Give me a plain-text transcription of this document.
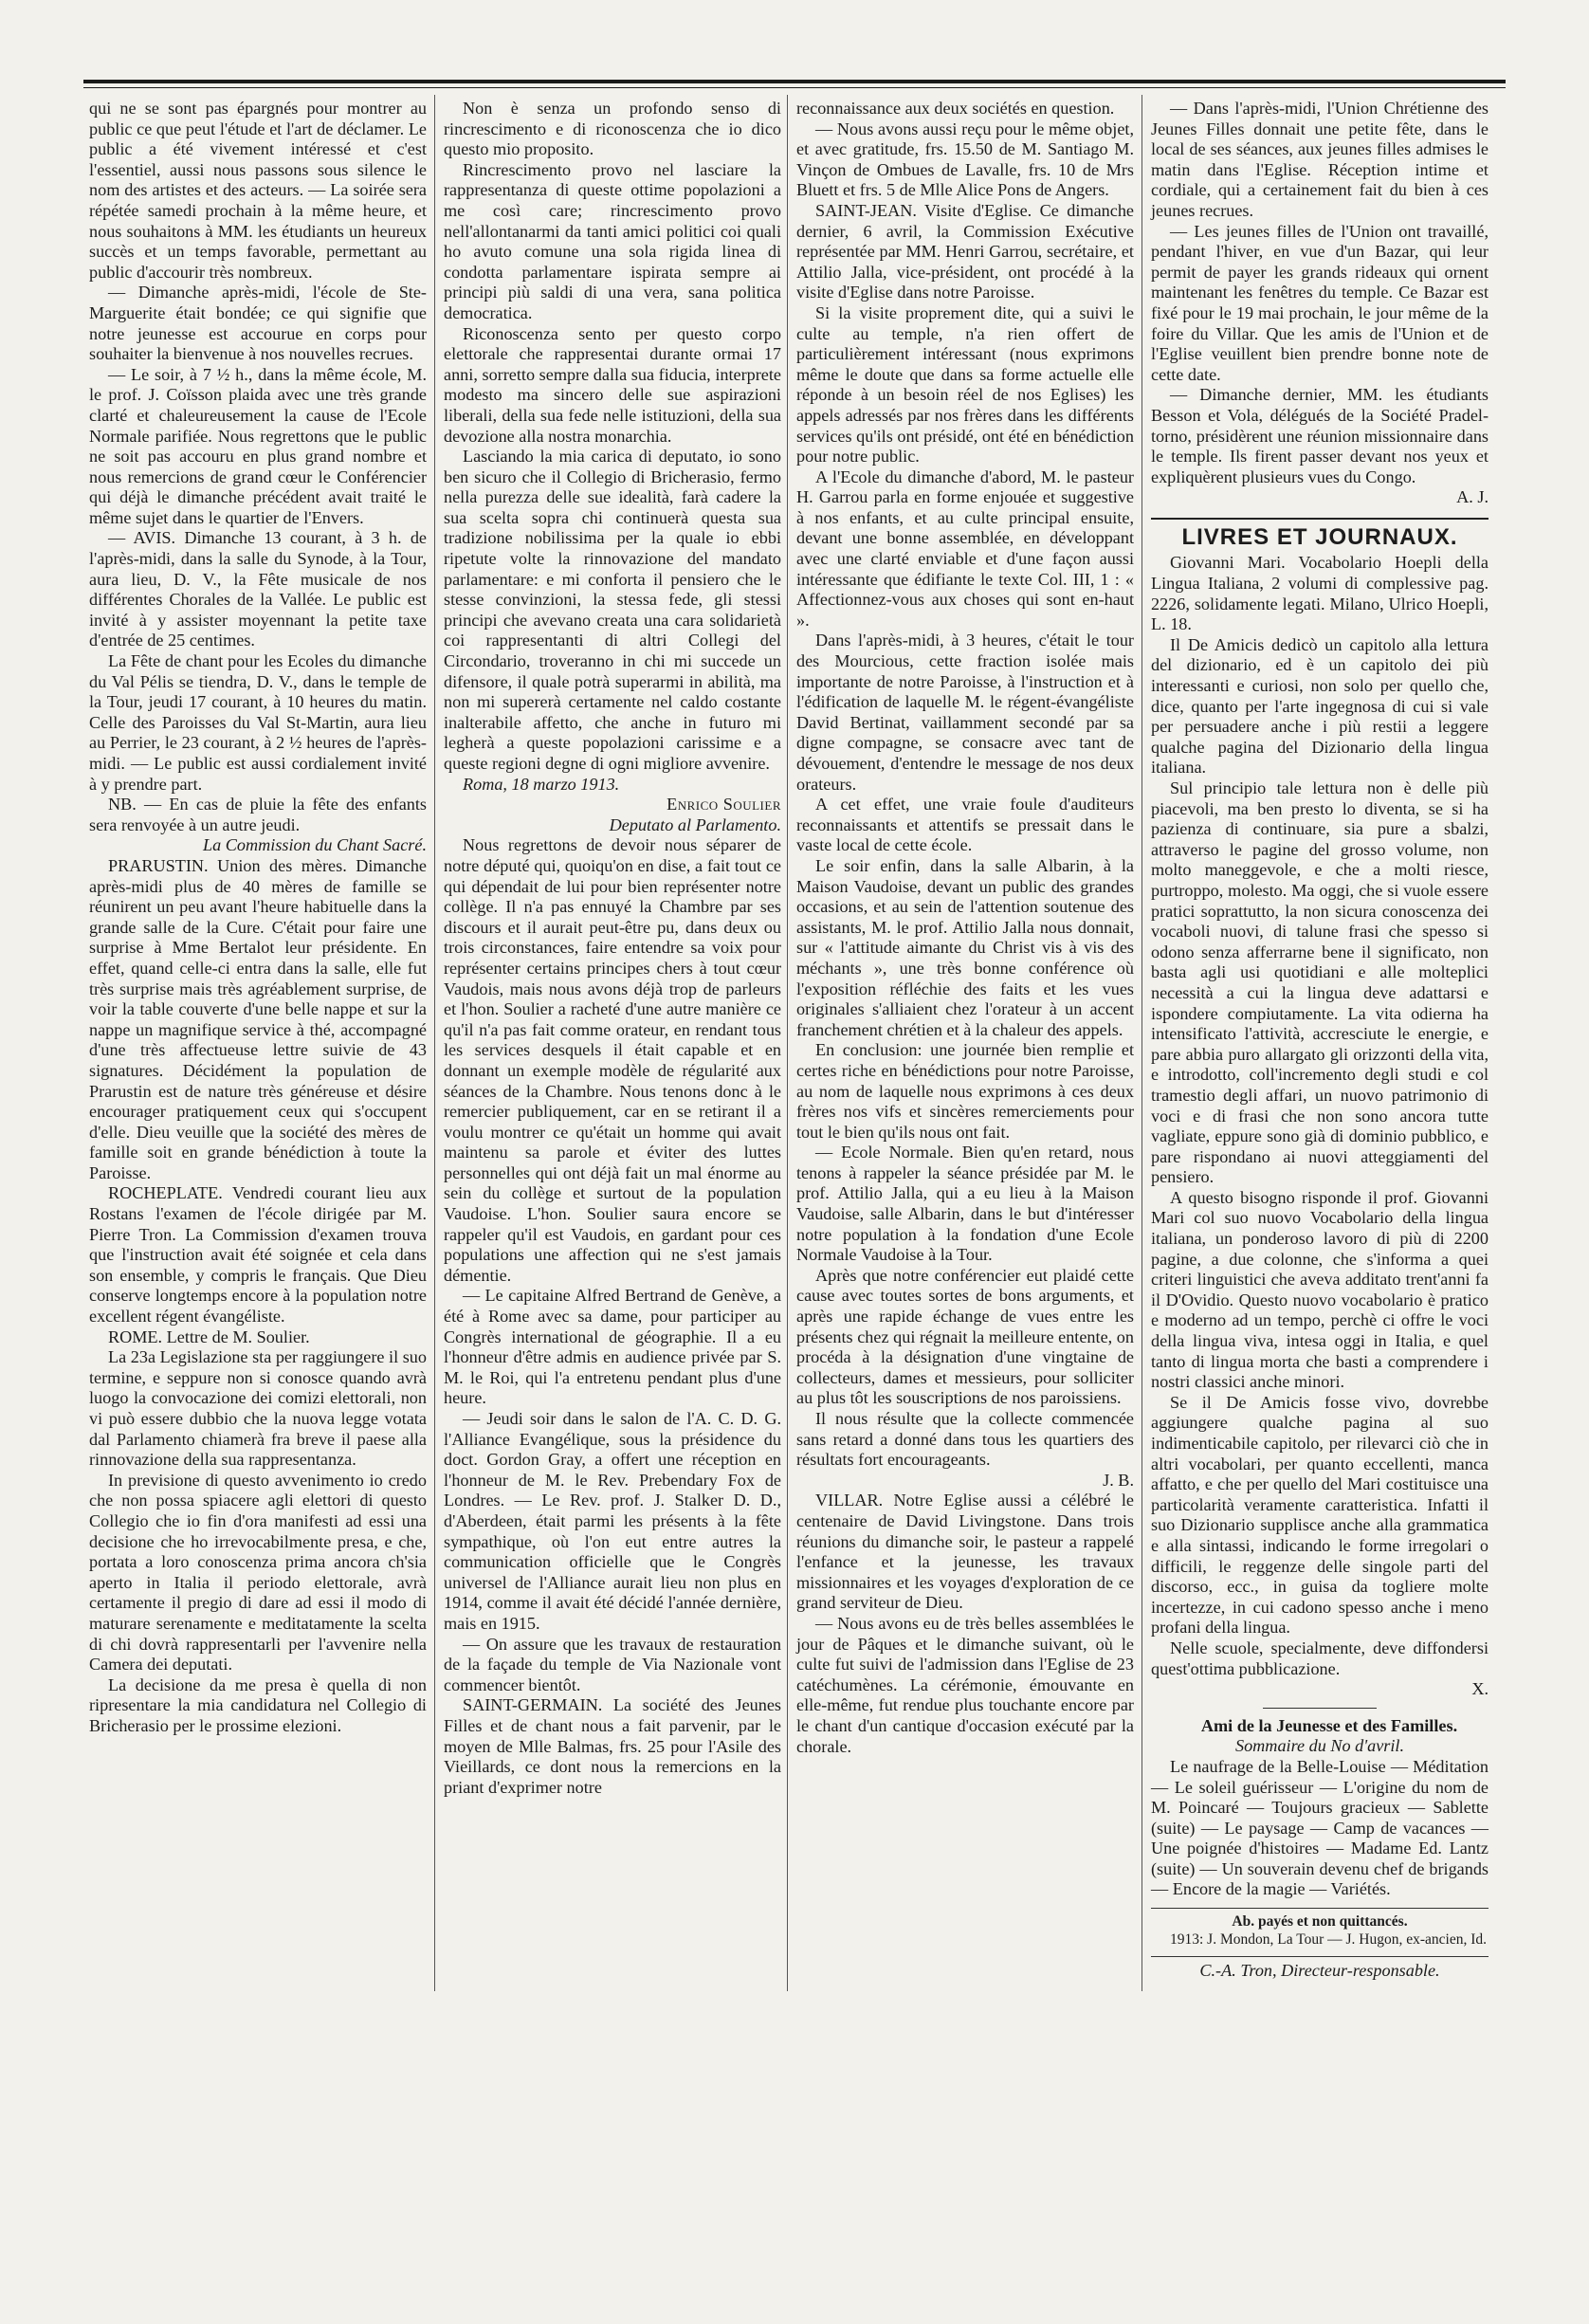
qui ne se sont pas épargnés pour montrer au public ce que peut l'étude et l'art de déclamer. Le public a été vivement intéressé et c'est l'essentiel, aussi nous passons sous silence le nom des artistes et des acteurs. — La soirée sera répétée samedi prochain à la même heure, et nous souhaitons à MM. les étudiants un heureux succès et un temps favorable, permettant au public d'accourir très nombreux.

— Dimanche après-midi, l'école de Ste-Marguerite était bondée; ce qui signifie que notre jeunesse est accourue en corps pour souhaiter la bienvenue à nos nouvelles recrues.

— Le soir, à 7 ½ h., dans la même école, M. le prof. J. Coïsson plaida avec une très grande clarté et chaleureusement la cause de l'Ecole Normale parifiée. Nous regrettons que le public ne soit pas accouru en plus grand nombre et nous remercions de grand cœur le Conférencier qui déjà le dimanche précédent avait traité le même sujet dans le quartier de l'Envers.

— AVIS. Dimanche 13 courant, à 3 h. de l'après-midi, dans la salle du Synode, à la Tour, aura lieu, D. V., la Fête musicale de nos différentes Chorales de la Vallée. Le public est invité à y assister moyennant la petite taxe d'entrée de 25 centimes.

La Fête de chant pour les Ecoles du dimanche du Val Pélis se tiendra, D. V., dans le temple de la Tour, jeudi 17 courant, à 10 heures du matin. Celle des Paroisses du Val St-Martin, aura lieu au Perrier, le 23 courant, à 2 ½ heures de l'après-midi. — Le public est aussi cordialement invité à y prendre part.

NB. — En cas de pluie la fête des enfants sera renvoyée à un autre jeudi.

La Commission du Chant Sacré.

PRARUSTIN. Union des mères. Dimanche après-midi plus de 40 mères de famille se réunirent un peu avant l'heure habituelle dans la grande salle de la Cure. C'était pour faire une surprise à Mme Bertalot leur présidente. En effet, quand celle-ci entra dans la salle, elle fut très surprise mais très agréablement surprise, de voir la table couverte d'une belle nappe et sur la nappe un magnifique service à thé, accompagné d'une très affectueuse lettre suivie de 43 signatures. Décidément la population de Prarustin est de nature très généreuse et désire encourager pratiquement ceux qui s'occupent d'elle. Dieu veuille que la société des mères de famille soit en grande bénédiction à toute la Paroisse.

ROCHEPLATE. Vendredi courant lieu aux Rostans l'examen de l'école dirigée par M. Pierre Tron. La Commission d'examen trouva que l'instruction avait été soignée et cela dans son ensemble, y compris le français. Que Dieu conserve longtemps encore à la population notre excellent régent évangéliste.

ROME. Lettre de M. Soulier.

La 23a Legislazione sta per raggiungere il suo termine, e seppure non si conosce quando avrà luogo la convocazione dei comizi elettorali, non vi può essere dubbio che la nuova legge votata dal Parlamento chiamerà fra breve il paese alla rinnovazione della sua rappresentanza.

In previsione di questo avvenimento io credo che non possa spiacere agli elettori di questo Collegio che io fin d'ora manifesti ad essi una decisione che ho irrevocabilmente presa, e che, portata a loro conoscenza prima ancora ch'sia aperto in Italia il periodo elettorale, avrà certamente il pregio di dare ad essi il modo di maturare serenamente e meditatamente la scelta di chi dovrà rappresentarli per l'avvenire nella Camera dei deputati.

La decisione da me presa è quella di non ripresentare la mia candidatura nel Collegio di Bricherasio per le prossime elezioni.

Non è senza un profondo senso di rincrescimento e di riconoscenza che io dico questo mio proposito.

Rincrescimento provo nel lasciare la rappresentanza di queste ottime popolazioni a me così care; rincrescimento provo nell'allontanarmi da tanti amici politici coi quali ho avuto comune una sola rigida linea di condotta parlamentare ispirata sempre ai principi più saldi di una vera, sana politica democratica.

Riconoscenza sento per questo corpo elettorale che rappresentai durante ormai 17 anni, sorretto sempre dalla sua fiducia, interprete modesto ma sincero delle sue aspirazioni liberali, della sua fede nelle istituzioni, della sua devozione alla nostra monarchia.

Lasciando la mia carica di deputato, io sono ben sicuro che il Collegio di Bricherasio, fermo nella purezza delle sue idealità, farà cadere la sua scelta sopra chi continuerà questa sua tradizione nobilissima per la quale io ebbi ripetute volte la rinnovazione del mandato parlamentare: e mi conforta il pensiero che le stesse convinzioni, la stessa fede, gli stessi principi che avevano creata una cara solidarietà coi rappresentanti di altri Collegi del Circondario, troveranno in chi mi succede un difensore, il quale potrà superarmi in abilità, ma non mi supererà certamente nel caldo costante inalterabile affetto, che anche in futuro mi legherà a queste popolazioni carissime e a queste regioni degne di ogni migliore avvenire.

Roma, 18 marzo 1913.

Enrico Soulier

Deputato al Parlamento.

Nous regrettons de devoir nous séparer de notre député qui, quoiqu'on en dise, a fait tout ce qui dépendait de lui pour bien représenter notre collège. Il n'a pas ennuyé la Chambre par ses discours et il aurait peut-être pu, dans deux ou trois circonstances, faire entendre sa voix pour représenter certains principes chers à tout cœur Vaudois, mais nous avons déjà trop de parleurs et l'hon. Soulier a racheté d'une autre manière ce qu'il n'a pas fait comme orateur, en rendant tous les services desquels il était capable et en donnant un exemple modèle de régularité aux séances de la Chambre. Nous tenons donc à le remercier publiquement, car en se retirant il a voulu montrer ce qu'était un homme qui avait maintenu sa parole et éviter des luttes personnelles qui ont déjà fait un mal énorme au sein du collège et surtout de la population Vaudoise. L'hon. Soulier saura encore se rappeler qu'il est Vaudois, en gardant pour ces populations une affection qui ne s'est jamais démentie.

— Le capitaine Alfred Bertrand de Genève, a été à Rome avec sa dame, pour participer au Congrès international de géographie. Il a eu l'honneur d'être admis en audience privée par S. M. le Roi, qui l'a entretenu pendant plus d'une heure.

— Jeudi soir dans le salon de l'A. C. D. G. l'Alliance Evangélique, sous la présidence du doct. Gordon Gray, a offert une réception en l'honneur de M. le Rev. Prebendary Fox de Londres. — Le Rev. prof. J. Stalker D. D., d'Aberdeen, était parmi les présents à la fête sympathique, où l'on eut entre autres la communication officielle que le Congrès universel de l'Alliance aurait lieu non plus en 1914, comme il avait été décidé l'année dernière, mais en 1915.

— On assure que les travaux de restauration de la façade du temple de Via Nazionale vont commencer bientôt.

SAINT-GERMAIN. La société des Jeunes Filles et de chant nous a fait parvenir, par le moyen de Mlle Balmas, frs. 25 pour l'Asile des Vieillards, ce dont nous la remercions en la priant d'exprimer notre

reconnaissance aux deux sociétés en question.

— Nous avons aussi reçu pour le même objet, et avec gratitude, frs. 15.50 de M. Santiago M. Vinçon de Ombues de Lavalle, frs. 10 de Mrs Bluett et frs. 5 de Mlle Alice Pons de Angers.

SAINT-JEAN. Visite d'Eglise. Ce dimanche dernier, 6 avril, la Commission Exécutive représentée par MM. Henri Garrou, secrétaire, et Attilio Jalla, vice-président, ont procédé à la visite d'Eglise dans notre Paroisse.

Si la visite proprement dite, qui a suivi le culte au temple, n'a rien offert de particulièrement intéressant (nous exprimons même le doute que dans sa forme actuelle elle réponde à un besoin réel de nos Eglises) les appels adressés par nos frères dans les différents services qu'ils ont présidé, ont été en bénédiction pour notre public.

A l'Ecole du dimanche d'abord, M. le pasteur H. Garrou parla en forme enjouée et suggestive à nos enfants, et au culte principal ensuite, devant une bonne assemblée, en développant avec une clarté enviable et d'une façon aussi intéressante que édifiante le texte Col. III, 1 : « Affectionnez-vous aux choses qui sont en-haut ».

Dans l'après-midi, à 3 heures, c'était le tour des Mourcious, cette fraction isolée mais importante de notre Paroisse, à l'instruction et à l'édification de laquelle M. le régent-évangéliste David Bertinat, vaillamment secondé par sa digne compagne, se consacre avec tant de dévouement, d'entendre le message de nos deux orateurs.

A cet effet, une vraie foule d'auditeurs reconnaissants et attentifs se pressait dans le vaste local de cette école.

Le soir enfin, dans la salle Albarin, à la Maison Vaudoise, devant un public des grandes occasions, et au sein de l'attention soutenue des assistants, M. le prof. Attilio Jalla nous donnait, sur « l'attitude aimante du Christ vis à vis des méchants », une très bonne conférence où l'exposition réfléchie des faits et les vues originales s'alliaient chez l'orateur à un accent franchement chrétien et à la chaleur des appels.

En conclusion: une journée bien remplie et certes riche en bénédictions pour notre Paroisse, au nom de laquelle nous exprimons à ces deux frères nos vifs et sincères remerciements pour tout le bien qu'ils nous ont fait.

— Ecole Normale. Bien qu'en retard, nous tenons à rappeler la séance présidée par M. le prof. Attilio Jalla, qui a eu lieu à la Maison Vaudoise, salle Albarin, dans le but d'intéresser notre population à la fondation d'une Ecole Normale Vaudoise à la Tour.

Après que notre conférencier eut plaidé cette cause avec toutes sortes de bons arguments, et après une rapide échange de vues entre les présents chez qui régnait la meilleure entente, on procéda à la désignation d'une vingtaine de collecteurs, dames et messieurs, pour solliciter au plus tôt les souscriptions de nos paroissiens.

Il nous résulte que la collecte commencée sans retard a donné dans tous les quartiers des résultats fort encourageants.

J. B.

VILLAR. Notre Eglise aussi a célébré le centenaire de David Livingstone. Dans trois réunions du dimanche soir, le pasteur a rappelé l'enfance et la jeunesse, les travaux missionnaires et les voyages d'exploration de ce grand serviteur de Dieu.

— Nous avons eu de très belles assemblées le jour de Pâques et le dimanche suivant, où le culte fut suivi de l'admission dans l'Eglise de 23 catéchumènes. La cérémonie, émouvante en elle-même, fut rendue plus touchante encore par le chant d'un cantique d'occasion exécuté par la chorale.

— Dans l'après-midi, l'Union Chrétienne des Jeunes Filles donnait une petite fête, dans le local de ses séances, aux jeunes filles admises le matin dans l'Eglise. Réception intime et cordiale, qui a certainement fait du bien à ces jeunes recrues.

— Les jeunes filles de l'Union ont travaillé, pendant l'hiver, en vue d'un Bazar, qui leur permit de payer les grands rideaux qui ornent maintenant les fenêtres du temple. Ce Bazar est fixé pour le 19 mai prochain, le jour même de la foire du Villar. Que les amis de l'Union et de l'Eglise veuillent bien prendre bonne note de cette date.

— Dimanche dernier, MM. les étudiants Besson et Vola, délégués de la Société Pradel-torno, présidèrent une réunion missionnaire dans le temple. Ils firent passer devant nos yeux et expliquèrent plusieurs vues du Congo.

A. J.

LIVRES ET JOURNAUX.

Giovanni Mari. Vocabolario Hoepli della Lingua Italiana, 2 volumi di complessive pag. 2226, solidamente legati. Milano, Ulrico Hoepli, L. 18.

Il De Amicis dedicò un capitolo alla lettura del dizionario, ed è un capitolo dei più interessanti e curiosi, non solo per quello che, dice, quanto per l'arte ingegnosa di cui si vale per persuadere anche i più restii a leggere qualche pagina del Dizionario della lingua italiana.

Sul principio tale lettura non è delle più piacevoli, ma ben presto lo diventa, se si ha pazienza di continuare, sia pure a sbalzi, attraverso le pagine del grosso volume, non molto maneggevole, e che a molti riesce, purtroppo, molesto. Ma oggi, che si vuole essere pratici soprattutto, la non sicura conoscenza dei vocaboli nuovi, di talune frasi che spesso si odono senza afferrarne bene il significato, non basta agli usi quotidiani e alle molteplici necessità a cui la lingua deve adattarsi e ispondere compiutamente. La vita odierna ha intensificato l'attività, accresciute le energie, e pare abbia puro allargato gli orizzonti della vita, e introdotto, coll'incremento degli studi e col tramestio degli affari, un nuovo patrimonio di voci e di frasi che non sono ancora tutte vagliate, eppure sono già di dominio pubblico, e pare rispondano ai nuovi atteggiamenti del pensiero.

A questo bisogno risponde il prof. Giovanni Mari col suo nuovo Vocabolario della lingua italiana, un ponderoso lavoro di più di 2200 pagine, a due colonne, che s'informa a quei criteri linguistici che aveva additato trent'anni fa il D'Ovidio. Questo nuovo vocabolario è pratico e moderno ad un tempo, perchè ci offre le voci della lingua viva, intesa oggi in Italia, e quel tanto di lingua morta che basti a comprendere i nostri classici anche minori.

Se il De Amicis fosse vivo, dovrebbe aggiungere qualche pagina al suo indimenticabile capitolo, per rilevarci ciò che in altri vocabolari, per quanto eccellenti, manca affatto, e che per quello del Mari costituisce una particolarità veramente caratteristica. Infatti il suo Dizionario supplisce anche alla grammatica e alla sintassi, indicando le forme irregolari o difficili, le reggenze delle singole parti del discorso, ecc., in guisa da togliere molte incertezze, in cui cadono spesso anche i meno profani della lingua.

Nelle scuole, specialmente, deve diffondersi quest'ottima pubblicazione.

X.

Ami de la Jeunesse et des Familles.

Sommaire du No d'avril.

Le naufrage de la Belle-Louise — Méditation — Le soleil guérisseur — L'origine du nom de M. Poincaré — Toujours gracieux — Sablette (suite) — Le paysage — Camp de vacances — Une poignée d'histoires — Madame Ed. Lantz (suite) — Un souverain devenu chef de brigands — Encore de la magie — Variétés.

Ab. payés et non quittancés.

1913: J. Mondon, La Tour — J. Hugon, ex-ancien, Id.

C.-A. Tron, Directeur-responsable.
